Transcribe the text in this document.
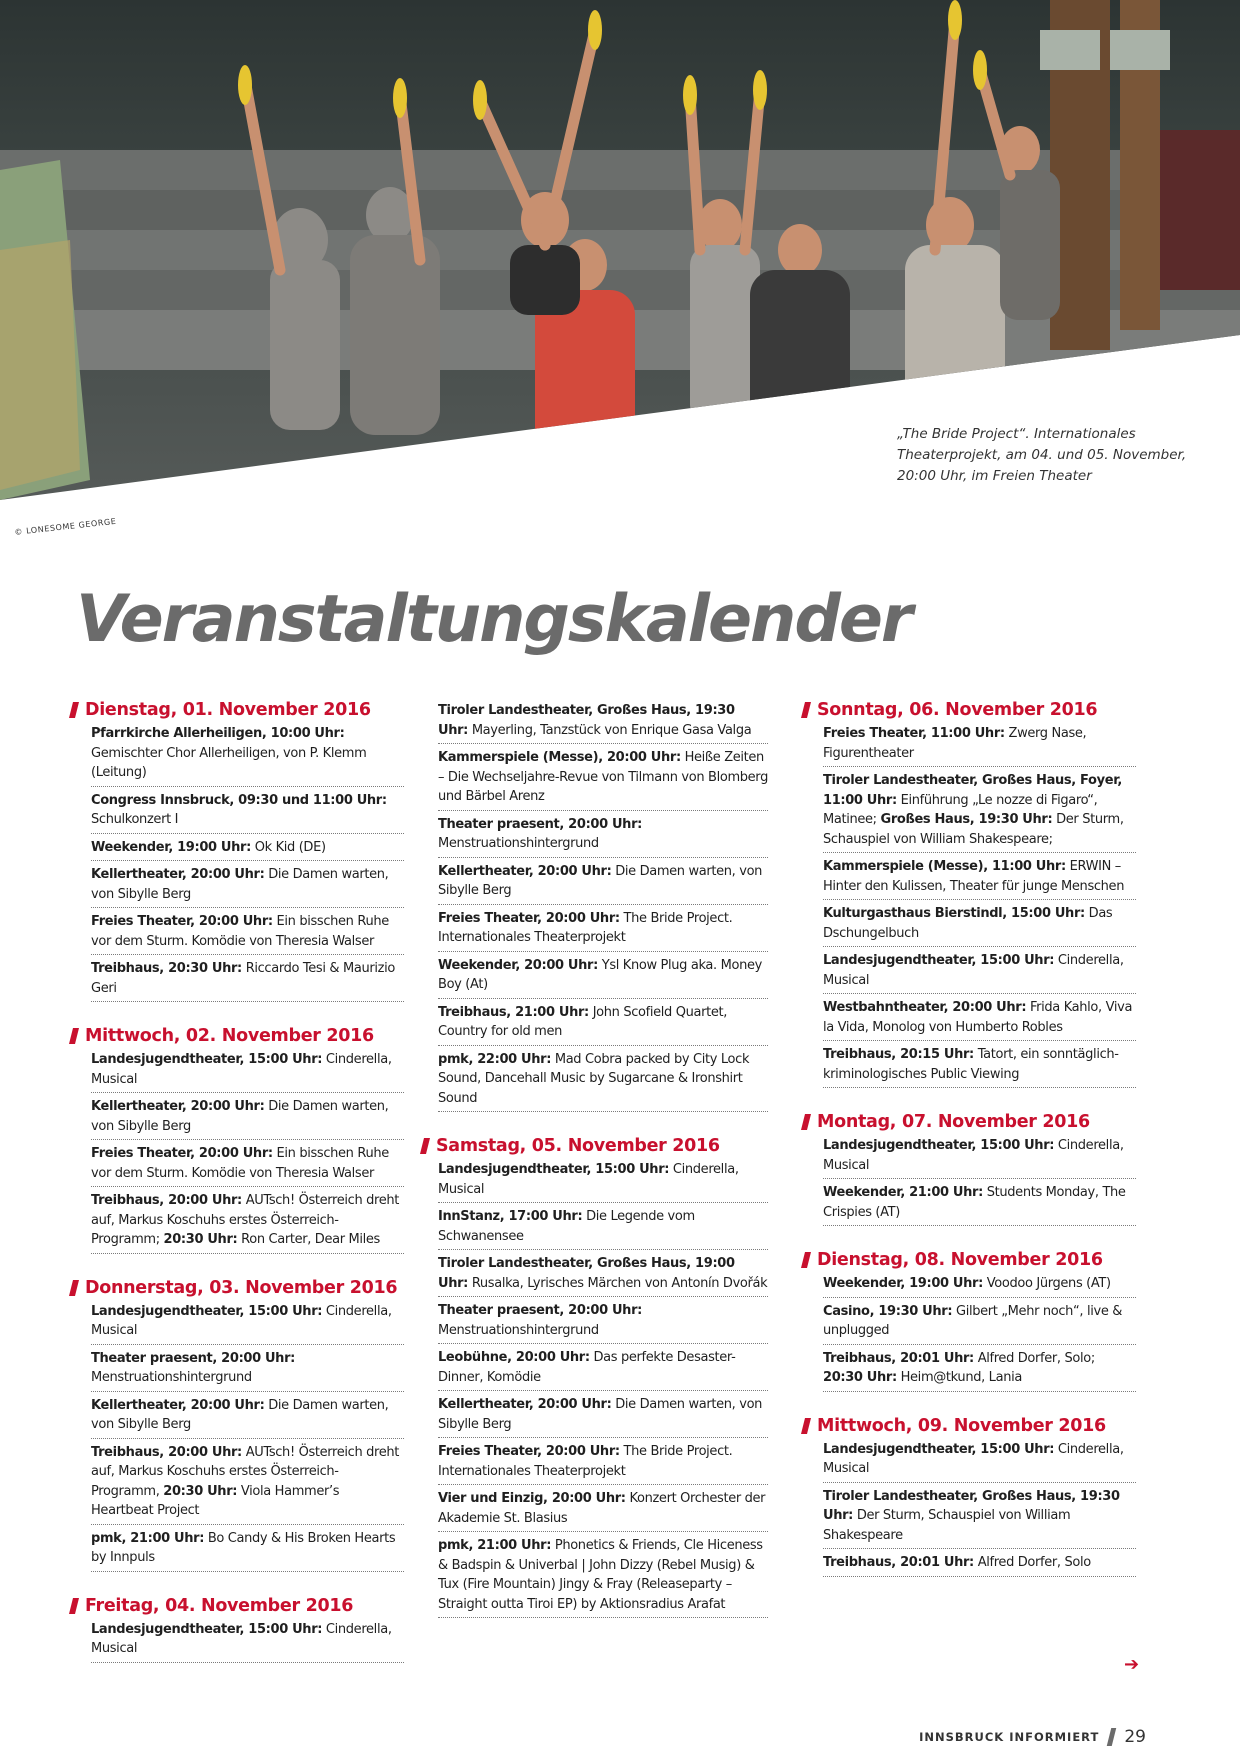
© LONESOME GEORGE
„The Bride Project“. Internationales Theaterprojekt, am 04. und 05. November, 20:00 Uhr, im Freien Theater
Veranstaltungskalender
Dienstag, 01. November 2016
Pfarrkirche Allerheiligen, 10:00 Uhr: Gemischter Chor Allerheiligen, von P. Klemm (Leitung)
Congress Innsbruck, 09:30 und 11:00 Uhr: Schulkonzert I
Weekender, 19:00 Uhr: Ok Kid (DE)
Kellertheater, 20:00 Uhr: Die Damen warten, von Sibylle Berg
Freies Theater, 20:00 Uhr: Ein bisschen Ruhe vor dem Sturm. Komödie von Theresia Walser
Treibhaus, 20:30 Uhr: Riccardo Tesi & Maurizio Geri
Mittwoch, 02. November 2016
Landesjugendtheater, 15:00 Uhr: Cinderella, Musical
Kellertheater, 20:00 Uhr: Die Damen warten, von Sibylle Berg
Freies Theater, 20:00 Uhr: Ein bisschen Ruhe vor dem Sturm. Komödie von Theresia Walser
Treibhaus, 20:00 Uhr: AUTsch! Österreich dreht auf, Markus Koschuhs erstes Österreich-Programm; 20:30 Uhr: Ron Carter, Dear Miles
Donnerstag, 03. November 2016
Landesjugendtheater, 15:00 Uhr: Cinderella, Musical
Theater praesent, 20:00 Uhr: Menstruationshintergrund
Kellertheater, 20:00 Uhr: Die Damen warten, von Sibylle Berg
Treibhaus, 20:00 Uhr: AUTsch! Österreich dreht auf, Markus Koschuhs erstes Österreich-Programm, 20:30 Uhr: Viola Hammer’s Heartbeat Project
pmk, 21:00 Uhr: Bo Candy & His Broken Hearts by Innpuls
Freitag, 04. November 2016
Landesjugendtheater, 15:00 Uhr: Cinderella, Musical
Tiroler Landestheater, Großes Haus, 19:30 Uhr: Mayerling, Tanzstück von Enrique Gasa Valga
Kammerspiele (Messe), 20:00 Uhr: Heiße Zeiten – Die Wechseljahre-Revue von Tilmann von Blomberg und Bärbel Arenz
Theater praesent, 20:00 Uhr: Menstruationshintergrund
Kellertheater, 20:00 Uhr: Die Damen warten, von Sibylle Berg
Freies Theater, 20:00 Uhr: The Bride Project. Internationales Theaterprojekt
Weekender, 20:00 Uhr: Ysl Know Plug aka. Money Boy (At)
Treibhaus, 21:00 Uhr: John Scofield Quartet, Country for old men
pmk, 22:00 Uhr: Mad Cobra packed by City Lock Sound, Dancehall Music by Sugarcane & Ironshirt Sound
Samstag, 05. November 2016
Landesjugendtheater, 15:00 Uhr: Cinderella, Musical
InnStanz, 17:00 Uhr: Die Legende vom Schwanensee
Tiroler Landestheater, Großes Haus, 19:00 Uhr: Rusalka, Lyrisches Märchen von Antonín Dvořák
Theater praesent, 20:00 Uhr: Menstruationshintergrund
Leobühne, 20:00 Uhr: Das perfekte Desaster-Dinner, Komödie
Kellertheater, 20:00 Uhr: Die Damen warten, von Sibylle Berg
Freies Theater, 20:00 Uhr: The Bride Project. Internationales Theaterprojekt
Vier und Einzig, 20:00 Uhr: Konzert Orchester der Akademie St. Blasius
pmk, 21:00 Uhr: Phonetics & Friends, Cle Hiceness & Badspin & Univerbal | John Dizzy (Rebel Musig) & Tux (Fire Mountain) Jingy & Fray (Releaseparty – Straight outta Tiroi EP) by Aktionsradius Arafat
Sonntag, 06. November 2016
Freies Theater, 11:00 Uhr: Zwerg Nase, Figurentheater
Tiroler Landestheater, Großes Haus, Foyer, 11:00 Uhr: Einführung „Le nozze di Figaro“, Matinee; Großes Haus, 19:30 Uhr: Der Sturm, Schauspiel von William Shakespeare;
Kammerspiele (Messe), 11:00 Uhr: ERWIN – Hinter den Kulissen, Theater für junge Menschen
Kulturgasthaus Bierstindl, 15:00 Uhr: Das Dschungelbuch
Landesjugendtheater, 15:00 Uhr: Cinderella, Musical
Westbahntheater, 20:00 Uhr: Frida Kahlo, Viva la Vida, Monolog von Humberto Robles
Treibhaus, 20:15 Uhr: Tatort, ein sonntäglich-kriminologisches Public Viewing
Montag, 07. November 2016
Landesjugendtheater, 15:00 Uhr: Cinderella, Musical
Weekender, 21:00 Uhr: Students Monday, The Crispies (AT)
Dienstag, 08. November 2016
Weekender, 19:00 Uhr: Voodoo Jürgens (AT)
Casino, 19:30 Uhr: Gilbert „Mehr noch“, live & unplugged
Treibhaus, 20:01 Uhr: Alfred Dorfer, Solo; 20:30 Uhr: Heim@tkund, Lania
Mittwoch, 09. November 2016
Landesjugendtheater, 15:00 Uhr: Cinderella, Musical
Tiroler Landestheater, Großes Haus, 19:30 Uhr: Der Sturm, Schauspiel von William Shakespeare
Treibhaus, 20:01 Uhr: Alfred Dorfer, Solo
➔
INNSBRUCK INFORMIERT 29
